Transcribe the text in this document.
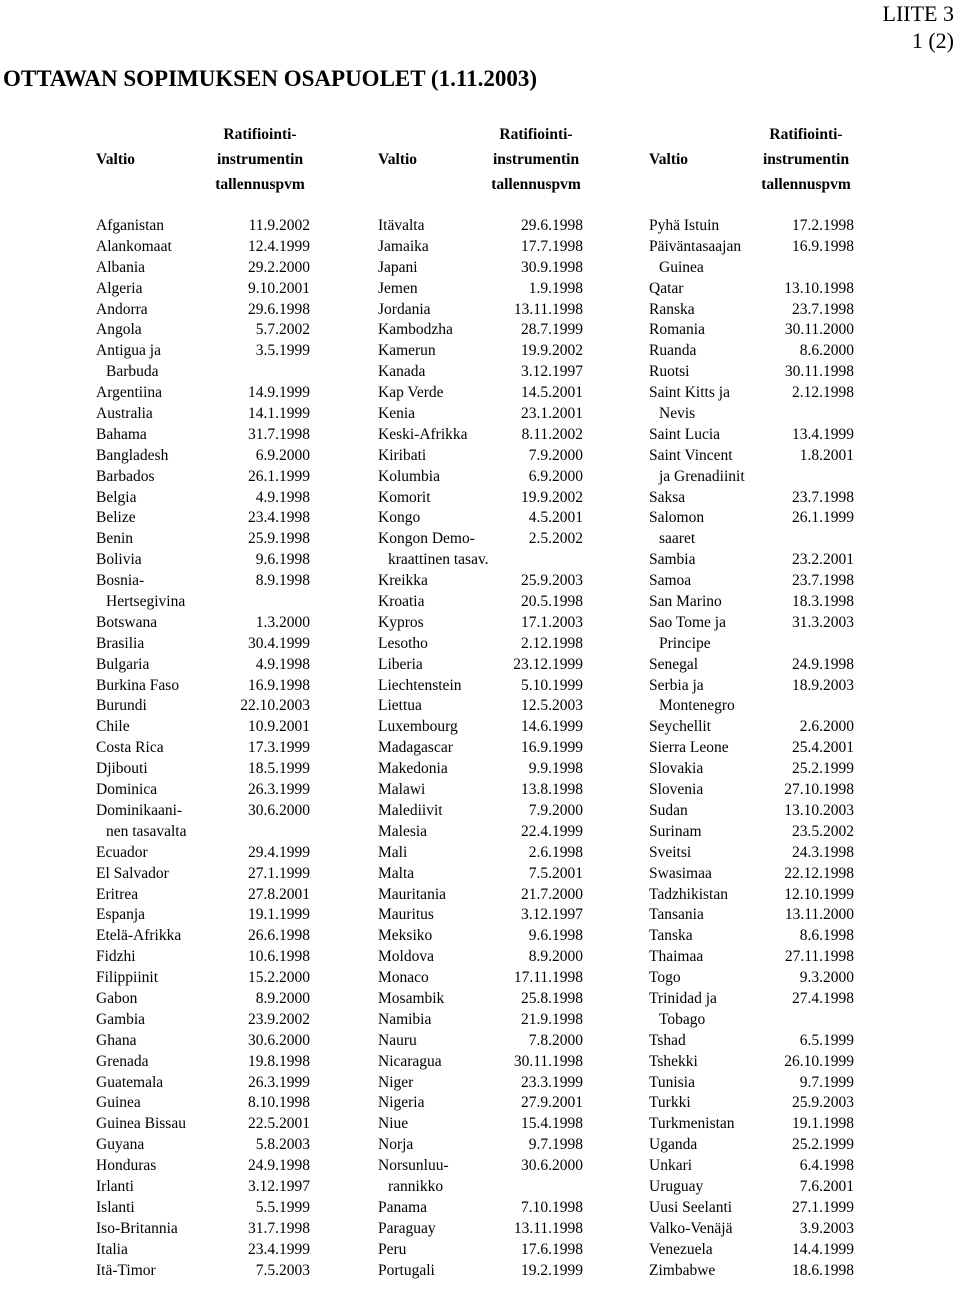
LIITE 3
1 (2)
OTTAWAN SOPIMUKSEN OSAPUOLET (1.11.2003)
Valtio
Ratifiointi-
instrumentin
tallennuspvm
Valtio
Ratifiointi-
instrumentin
tallennuspvm
Valtio
Ratifiointi-
instrumentin
tallennuspvm
Afganistan	11.9.2002
Alankomaat	12.4.1999
Albania	29.2.2000
Algeria	9.10.2001
Andorra	29.6.1998
Angola	5.7.2002
Antigua ja	3.5.1999
Barbuda
Argentiina	14.9.1999
Australia	14.1.1999
Bahama	31.7.1998
Bangladesh	6.9.2000
Barbados	26.1.1999
Belgia	4.9.1998
Belize	23.4.1998
Benin	25.9.1998
Bolivia	9.6.1998
Bosnia-	8.9.1998
Hertsegivina
Botswana	1.3.2000
Brasilia	30.4.1999
Bulgaria	4.9.1998
Burkina Faso	16.9.1998
Burundi	22.10.2003
Chile	10.9.2001
Costa Rica	17.3.1999
Djibouti	18.5.1999
Dominica	26.3.1999
Dominikaani-	30.6.2000
nen tasavalta
Ecuador	29.4.1999
El Salvador	27.1.1999
Eritrea	27.8.2001
Espanja	19.1.1999
Etelä-Afrikka	26.6.1998
Fidzhi	10.6.1998
Filippiinit	15.2.2000
Gabon	8.9.2000
Gambia	23.9.2002
Ghana	30.6.2000
Grenada	19.8.1998
Guatemala	26.3.1999
Guinea	8.10.1998
Guinea Bissau	22.5.2001
Guyana	5.8.2003
Honduras	24.9.1998
Irlanti	3.12.1997
Islanti	5.5.1999
Iso-Britannia	31.7.1998
Italia	23.4.1999
Itä-Timor	7.5.2003
Itävalta	29.6.1998
Jamaika	17.7.1998
Japani	30.9.1998
Jemen	1.9.1998
Jordania	13.11.1998
Kambodzha	28.7.1999
Kamerun	19.9.2002
Kanada	3.12.1997
Kap Verde	14.5.2001
Kenia	23.1.2001
Keski-Afrikka	8.11.2002
Kiribati	7.9.2000
Kolumbia	6.9.2000
Komorit	19.9.2002
Kongo	4.5.2001
Kongon Demo-	2.5.2002
kraattinen tasav.
Kreikka	25.9.2003
Kroatia	20.5.1998
Kypros	17.1.2003
Lesotho	2.12.1998
Liberia	23.12.1999
Liechtenstein	5.10.1999
Liettua	12.5.2003
Luxembourg	14.6.1999
Madagascar	16.9.1999
Makedonia	9.9.1998
Malawi	13.8.1998
Malediivit	7.9.2000
Malesia	22.4.1999
Mali	2.6.1998
Malta	7.5.2001
Mauritania	21.7.2000
Mauritus	3.12.1997
Meksiko	9.6.1998
Moldova	8.9.2000
Monaco	17.11.1998
Mosambik	25.8.1998
Namibia	21.9.1998
Nauru	7.8.2000
Nicaragua	30.11.1998
Niger	23.3.1999
Nigeria	27.9.2001
Niue	15.4.1998
Norja	9.7.1998
Norsunluu-	30.6.2000
rannikko
Panama	7.10.1998
Paraguay	13.11.1998
Peru	17.6.1998
Portugali	19.2.1999
Pyhä Istuin	17.2.1998
Päiväntasaajan	16.9.1998
Guinea
Qatar	13.10.1998
Ranska	23.7.1998
Romania	30.11.2000
Ruanda	8.6.2000
Ruotsi	30.11.1998
Saint Kitts ja	2.12.1998
Nevis
Saint Lucia	13.4.1999
Saint Vincent	1.8.2001
ja Grenadiinit
Saksa	23.7.1998
Salomon	26.1.1999
saaret
Sambia	23.2.2001
Samoa	23.7.1998
San Marino	18.3.1998
Sao Tome ja	31.3.2003
Principe
Senegal	24.9.1998
Serbia ja	18.9.2003
Montenegro
Seychellit	2.6.2000
Sierra Leone	25.4.2001
Slovakia	25.2.1999
Slovenia	27.10.1998
Sudan	13.10.2003
Surinam	23.5.2002
Sveitsi	24.3.1998
Swasimaa	22.12.1998
Tadzhikistan	12.10.1999
Tansania	13.11.2000
Tanska	8.6.1998
Thaimaa	27.11.1998
Togo	9.3.2000
Trinidad ja	27.4.1998
Tobago
Tshad	6.5.1999
Tshekki	26.10.1999
Tunisia	9.7.1999
Turkki	25.9.2003
Turkmenistan	19.1.1998
Uganda	25.2.1999
Unkari	6.4.1998
Uruguay	7.6.2001
Uusi Seelanti	27.1.1999
Valko-Venäjä	3.9.2003
Venezuela	14.4.1999
Zimbabwe	18.6.1998
